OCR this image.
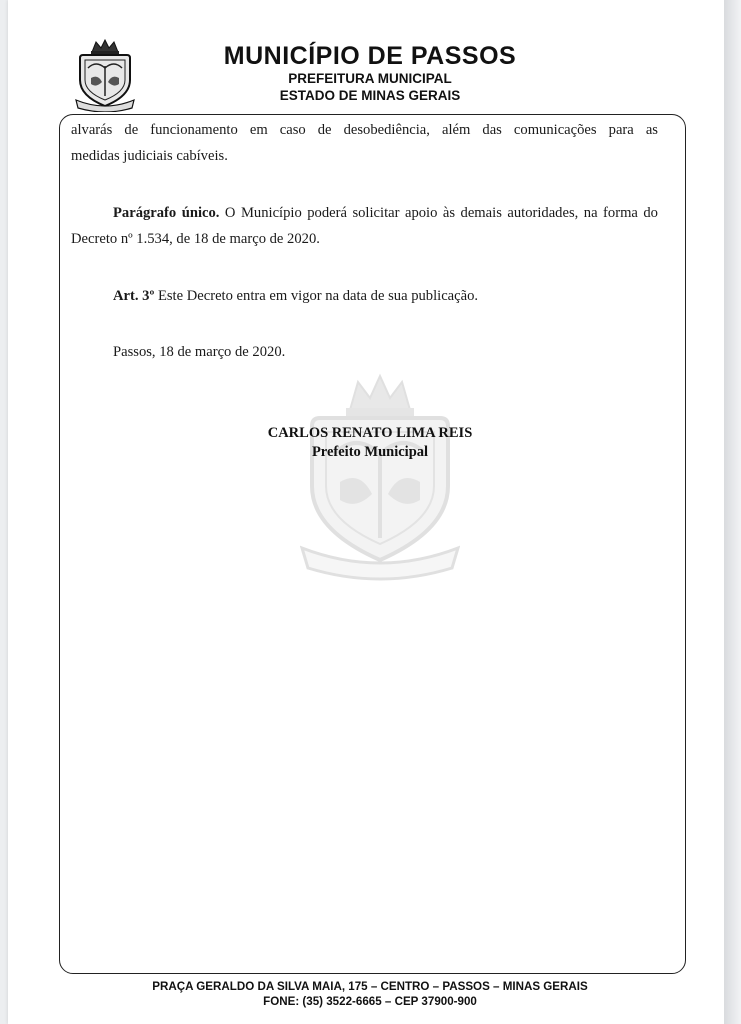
MUNICÍPIO DE PASSOS
PREFEITURA MUNICIPAL
ESTADO DE MINAS GERAIS
alvarás de funcionamento em caso de desobediência, além das comunicações para as
medidas judiciais cabíveis.
Parágrafo único. O Município poderá solicitar apoio às demais autoridades, na forma do Decreto nº 1.534, de 18 de março de 2020.
Art. 3º Este Decreto entra em vigor na data de sua publicação.
Passos, 18 de março de 2020.
CARLOS RENATO LIMA REIS
Prefeito Municipal
PRAÇA GERALDO DA SILVA MAIA, 175 – CENTRO – PASSOS – MINAS GERAIS
FONE: (35) 3522-6665 – CEP 37900-900
